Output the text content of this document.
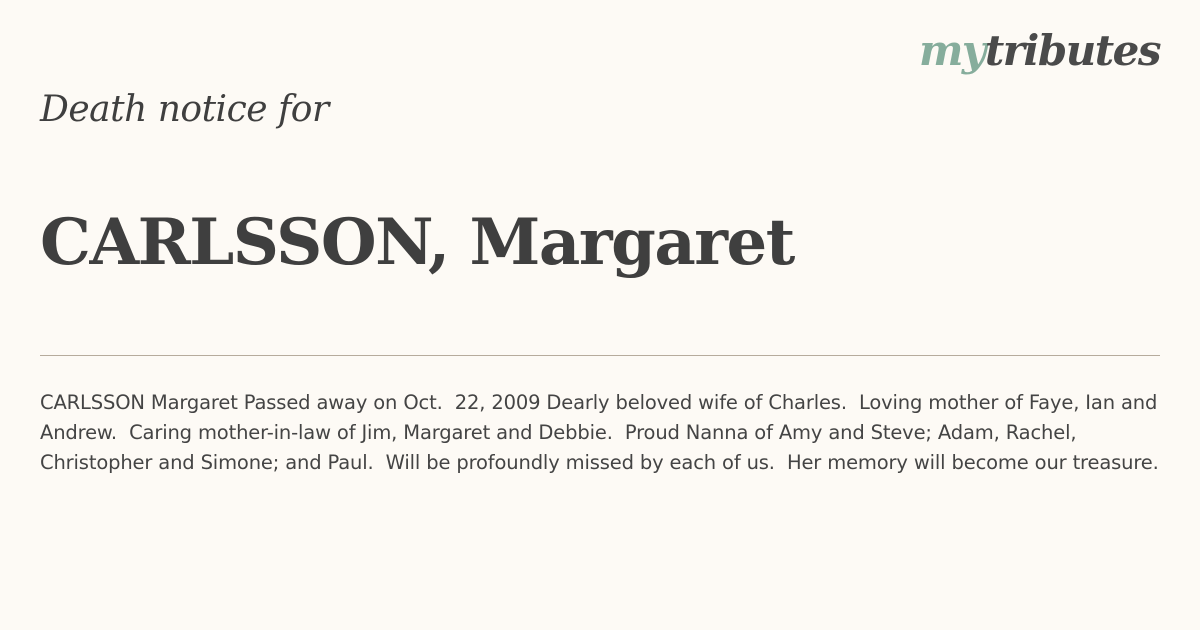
mytributes
Death notice for
CARLSSON, Margaret
CARLSSON Margaret Passed away on Oct.  22, 2009 Dearly beloved wife of Charles.  Loving mother of Faye, Ian and Andrew.  Caring mother-in-law of Jim, Margaret and Debbie.  Proud Nanna of Amy and Steve; Adam, Rachel, Christopher and Simone; and Paul.  Will be profoundly missed by each of us.  Her memory will become our treasure.
